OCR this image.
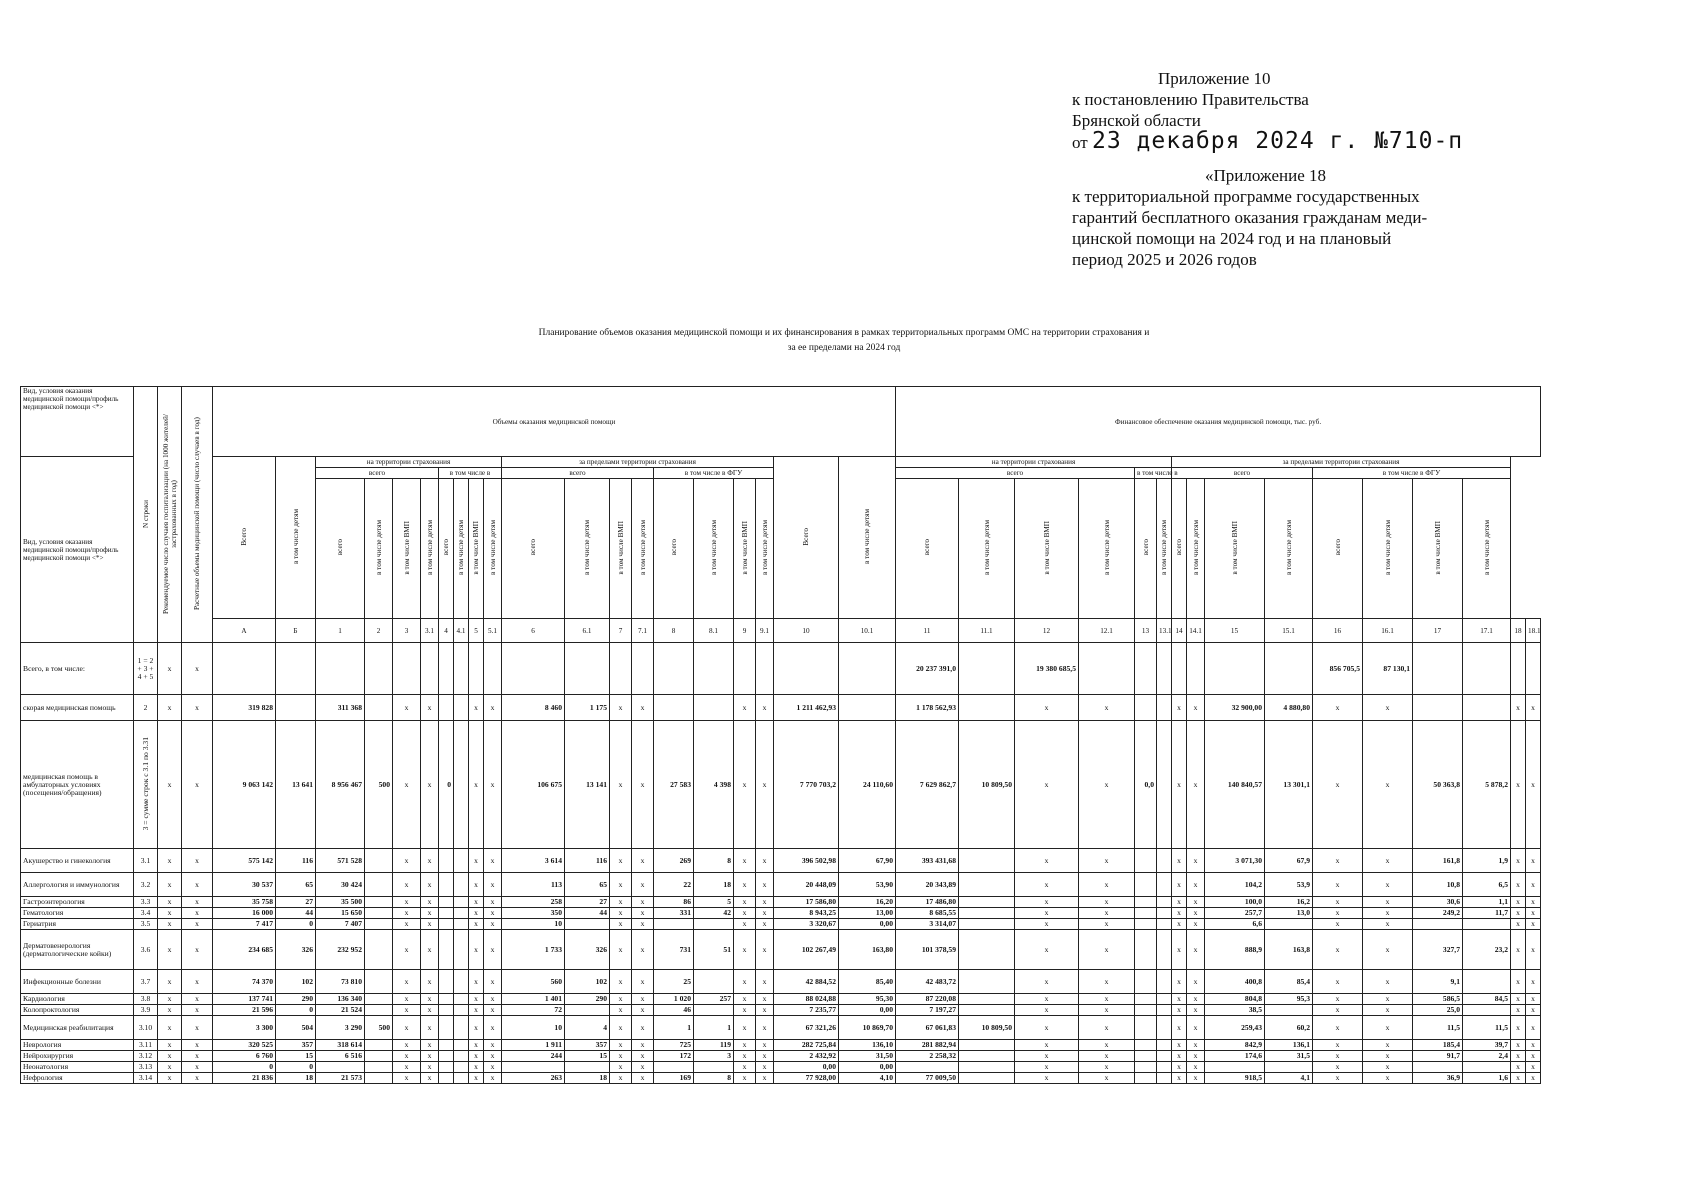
Приложение 10
к постановлению Правительства
Брянской области
от 23 декабря 2024 г. №710-п
«Приложение 18
к территориальной программе государственных
гарантий бесплатного оказания гражданам меди-
цинской помощи на 2024 год и на плановый
период 2025 и 2026 годов
Планирование объемов оказания медицинской помощи и их финансирования в рамках территориальных программ ОМС на территории страхования и
за ее пределами на 2024 год
Вид, условия оказания медицинской помощи/профиль медицинской помощи <*>	N строки	Рекомендуемое число случаев госпитализации (на 1000 жителей/застрахованных в год)	Расчетные объемы медицинской помощи (число случаев в год)	Объемы оказания медицинской помощи																				Финансовое обеспечение оказания медицинской помощи, тыс. руб.																
Вид, условия оказания медицинской помощи/профиль медицинской помощи <*>				Всего	в том числе детям	на территории страхования								за пределами территории страхования								Всего	в том числе детям	на территории страхования						за пределами территории страхования										
						всего				в том числе в				всего				в том числе в ФГУ						всего				в том числе в		всего				в том числе в ФГУ						
						всего	в том числе детям	в том числе ВМП	в том числе детям	всего	в том числе детям	в том числе ВМП	в том числе детям	всего	в том числе детям	в том числе ВМП	в том числе детям	всего	в том числе детям	в том числе ВМП	в том числе детям			всего	в том числе детям	в том числе ВМП	в том числе детям	всего	в том числе детям	всего	в том числе детям	в том числе ВМП	в том числе детям	всего	в том числе детям	в том числе ВМП	в том числе детям			
				А	Б	1	2	3	3.1	4	4.1	5	5.1	6	6.1	7	7.1	8	8.1	9	9.1	10	10.1	11	11.1	12	12.1	13	13.1	14	14.1	15	15.1	16	16.1	17	17.1	18	18.1				
Всего, в том числе:	1 = 2 + 3 + 4 + 5	x	x																					20 237 391,0		19 380 685,5								856 705,5	87 130,1						
скорая медицинская помощь	2	x	x	319 828		311 368		x	x			x	x	8 460	1 175	x	x			x	x	1 211 462,93		1 178 562,93		x	x			x	x	32 900,00	4 880,80	x	x			x	x	
медицинская помощь в амбулаторных условиях (посещения/обращения)	3 = сумме строк с 3.1 по 3.31	x	x	9 063 142	13 641	8 956 467	500	x	x	0		x	x	106 675	13 141	x	x	27 583	4 398	x	x	7 770 703,2	24 110,60	7 629 862,7	10 809,50	x	x	0,0		x	x	140 840,57	13 301,1	x	x	50 363,8	5 878,2	x	x	
Акушерство и гинекология	3.1	x	x	575 142	116	571 528		x	x			x	x	3 614	116	x	x	269	8	x	x	396 502,98	67,90	393 431,68		x	x			x	x	3 071,30	67,9	x	x	161,8	1,9	x	x	
Аллергология и иммунология	3.2	x	x	30 537	65	30 424		x	x			x	x	113	65	x	x	22	18	x	x	20 448,09	53,90	20 343,89		x	x			x	x	104,2	53,9	x	x	10,8	6,5	x	x	
Гастроэнтерология	3.3	x	x	35 758	27	35 500		x	x			x	x	258	27	x	x	86	5	x	x	17 586,80	16,20	17 486,80		x	x			x	x	100,0	16,2	x	x	30,6	1,1	x	x	
Гематология	3.4	x	x	16 000	44	15 650		x	x			x	x	350	44	x	x	331	42	x	x	8 943,25	13,00	8 685,55		x	x			x	x	257,7	13,0	x	x	249,2	11,7	x	x	
Гериатрия	3.5	x	x	7 417	0	7 407		x	x			x	x	10		x	x			x	x	3 320,67	0,00	3 314,07		x	x			x	x	6,6		x	x			x	x	
Дерматовенерология (дерматологические койки)	3.6	x	x	234 685	326	232 952		x	x			x	x	1 733	326	x	x	731	51	x	x	102 267,49	163,80	101 378,59		x	x			x	x	888,9	163,8	x	x	327,7	23,2	x	x	
Инфекционные болезни	3.7	x	x	74 370	102	73 810		x	x			x	x	560	102	x	x	25		x	x	42 884,52	85,40	42 483,72		x	x			x	x	400,8	85,4	x	x	9,1		x	x	
Кардиология	3.8	x	x	137 741	290	136 340		x	x			x	x	1 401	290	x	x	1 020	257	x	x	88 024,88	95,30	87 220,08		x	x			x	x	804,8	95,3	x	x	586,5	84,5	x	x	
Колопроктология	3.9	x	x	21 596	0	21 524		x	x			x	x	72		x	x	46		x	x	7 235,77	0,00	7 197,27		x	x			x	x	38,5		x	x	25,0		x	x	
Медицинская реабилитация	3.10	x	x	3 300	504	3 290	500	x	x			x	x	10	4	x	x	1	1	x	x	67 321,26	10 869,70	67 061,83	10 809,50	x	x			x	x	259,43	60,2	x	x	11,5	11,5	x	x	
Неврология	3.11	x	x	320 525	357	318 614		x	x			x	x	1 911	357	x	x	725	119	x	x	282 725,84	136,10	281 882,94		x	x			x	x	842,9	136,1	x	x	185,4	39,7	x	x	
Нейрохирургия	3.12	x	x	6 760	15	6 516		x	x			x	x	244	15	x	x	172	3	x	x	2 432,92	31,50	2 258,32		x	x			x	x	174,6	31,5	x	x	91,7	2,4	x	x	
Неонатология	3.13	x	x	0	0			x	x			x	x			x	x			x	x	0,00	0,00			x	x			x	x			x	x			x	x	
Нефрология	3.14	x	x	21 836	18	21 573		x	x			x	x	263	18	x	x	169	8	x	x	77 928,00	4,10	77 009,50		x	x			x	x	918,5	4,1	x	x	36,9	1,6	x	x	
